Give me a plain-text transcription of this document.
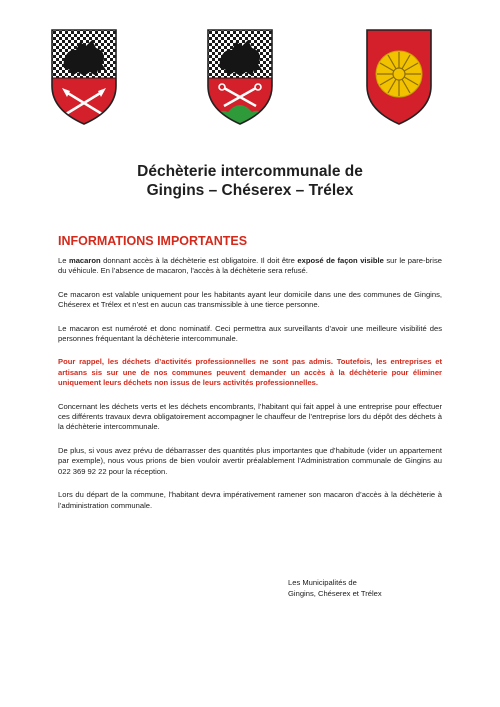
Déchèterie intercommunale de
Gingins – Chéserex – Trélex
INFORMATIONS IMPORTANTES

Le macaron donnant accès à la déchèterie est obligatoire. Il doit être exposé de façon visible sur le pare-brise du véhicule. En l’absence de macaron, l’accès à la déchèterie sera refusé.

Ce macaron est valable uniquement pour les habitants ayant leur domicile dans une des communes de Gingins, Chéserex et Trélex et n’est en aucun cas transmissible à une tierce personne.

Le macaron est numéroté et donc nominatif. Ceci permettra aux surveillants d’avoir une meilleure visibilité des personnes fréquentant la déchèterie intercommunale.

Pour rappel, les déchets d’activités professionnelles ne sont pas admis. Toutefois, les entreprises et artisans sis sur une de nos communes peuvent demander un accès à la déchèterie pour éliminer uniquement leurs déchets non issus de leurs activités professionnelles.

Concernant les déchets verts et les déchets encombrants, l’habitant qui fait appel à une entreprise pour effectuer ces différents travaux devra obligatoirement accompagner le chauffeur de l’entreprise lors du dépôt des déchets à la déchèterie intercommunale.

De plus, si vous avez prévu de débarrasser des quantités plus importantes que d’habitude (vider un appartement par exemple), nous vous prions de bien vouloir avertir préalablement l’Administration communale de Gingins au 022 369 92 22 pour la réception.

Lors du départ de la commune, l’habitant devra impérativement ramener son macaron d’accès à la déchèterie à l’administration communale.

Les Municipalités de
Gingins, Chéserex et Trélex
